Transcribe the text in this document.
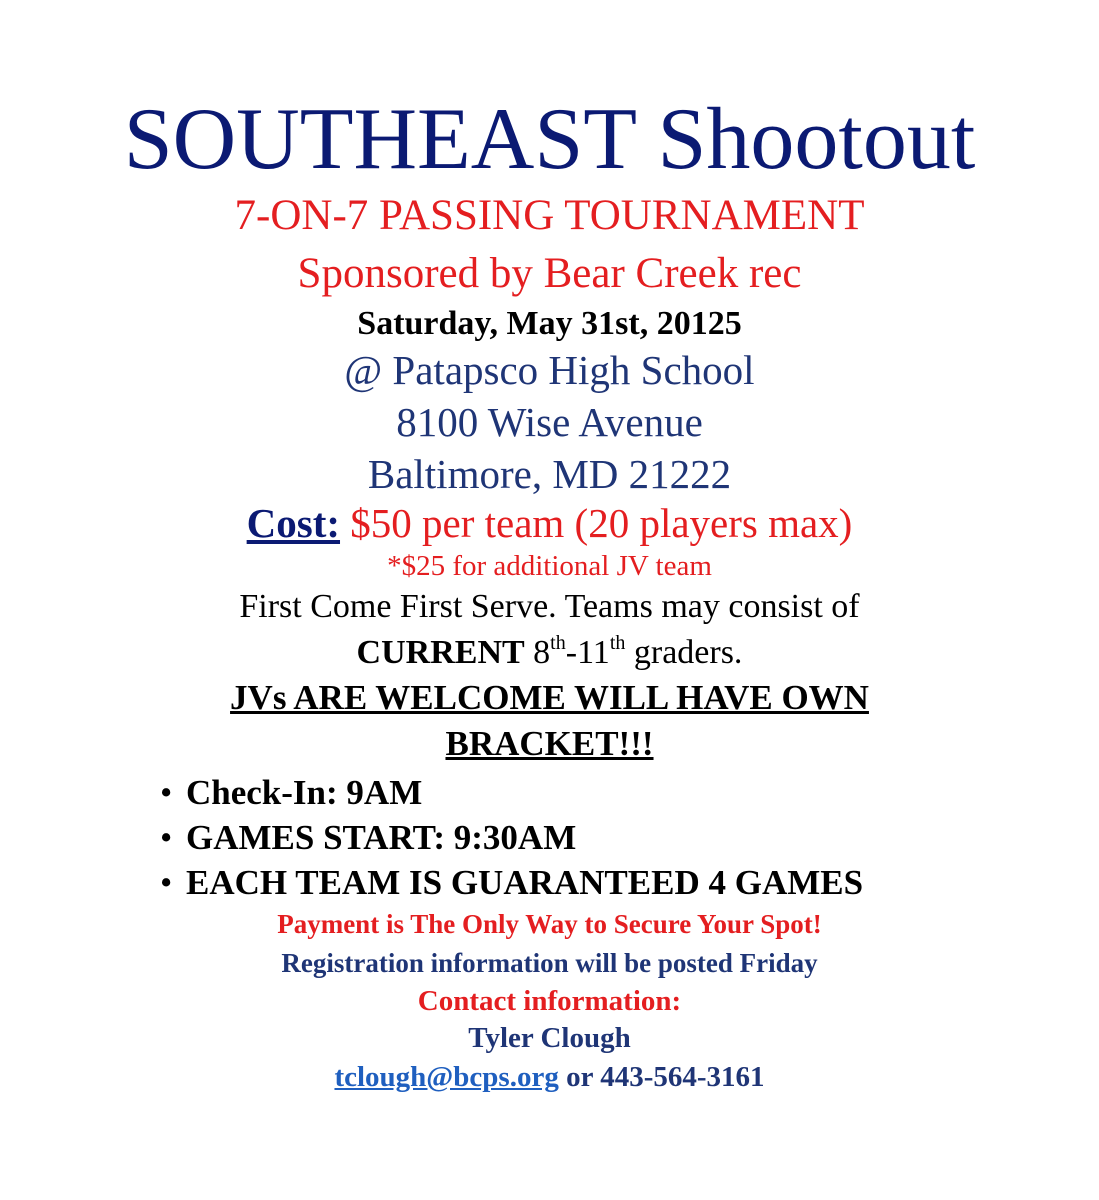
SOUTHEAST Shootout
7-ON-7 PASSING TOURNAMENT
Sponsored by Bear Creek rec
Saturday, May 31st, 20125
@ Patapsco High School
8100 Wise Avenue
Baltimore, MD 21222
Cost: $50 per team (20 players max)
*$25 for additional JV team
First Come First Serve. Teams may consist of
CURRENT 8th-11th graders.
JVs ARE WELCOME WILL HAVE OWN
BRACKET!!!
• Check-In: 9AM
• GAMES START: 9:30AM
• EACH TEAM IS GUARANTEED 4 GAMES
Payment is The Only Way to Secure Your Spot!
Registration information will be posted Friday
Contact information:
Tyler Clough
tclough@bcps.org or 443-564-3161
